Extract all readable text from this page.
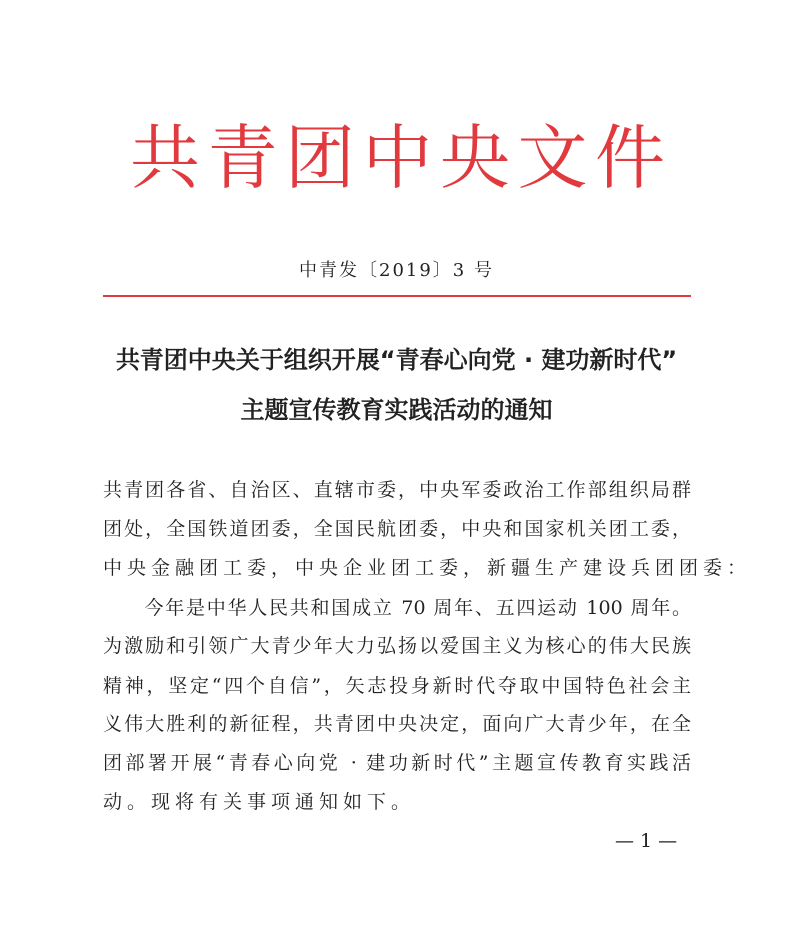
共 青 团 中 央 文 件
中青发〔2019〕3 号
共青团中央关于组织开展“青春心向党 · 建功新时代”
主题宣传教育实践活动的通知
共青团各省、自治区、直辖市委，中央军委政治工作部组织局群
团处，全国铁道团委，全国民航团委，中央和国家机关团工委，
中央金融团工委，中央企业团工委，新疆生产建设兵团团委：
　　今年是中华人民共和国成立 70 周年、五四运动 100 周年。
为激励和引领广大青少年大力弘扬以爱国主义为核心的伟大民族
精神，坚定“四个自信”，矢志投身新时代夺取中国特色社会主
义伟大胜利的新征程，共青团中央决定，面向广大青少年，在全
团部署开展“青春心向党 · 建功新时代”主题宣传教育实践活
动。现将有关事项通知如下。
— 1 —
